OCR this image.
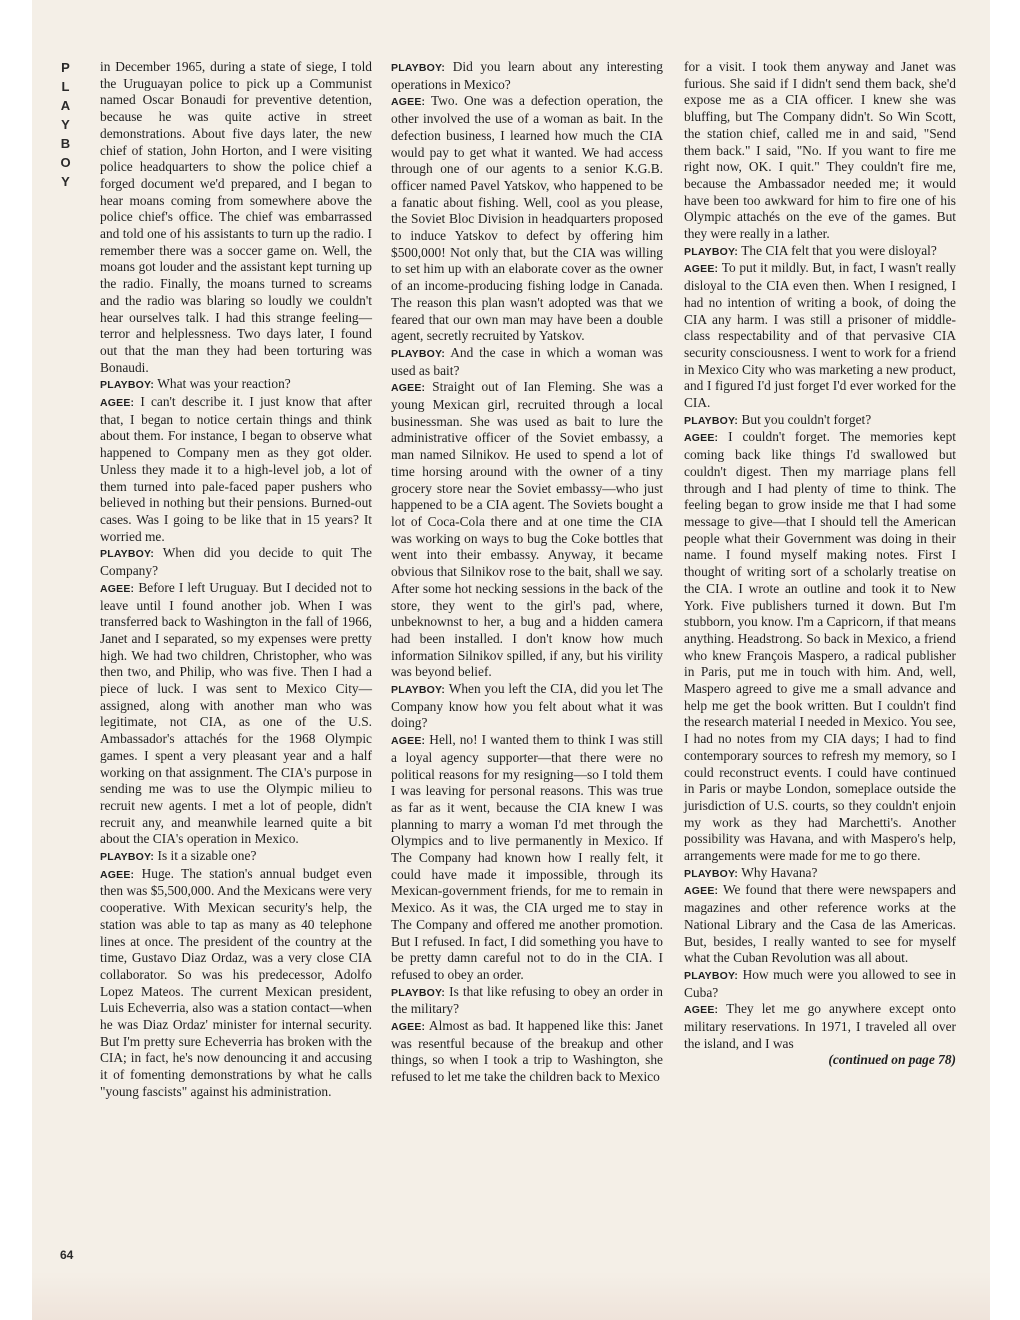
PLAYBOY in December 1965, during a state of siege, I told the Uruguayan police to pick up a Communist named Oscar Bonaudi for preventive detention, because he was quite active in street demonstrations. About five days later, the new chief of station, John Horton, and I were visiting police headquarters to show the police chief a forged document we'd prepared, and I began to hear moans coming from somewhere above the police chief's office. The chief was embarrassed and told one of his assistants to turn up the radio. I remember there was a soccer game on. Well, the moans got louder and the assistant kept turning up the radio. Finally, the moans turned to screams and the radio was blaring so loudly we couldn't hear ourselves talk. I had this strange feeling—terror and helplessness. Two days later, I found out that the man they had been torturing was Bonaudi.

PLAYBOY: What was your reaction?

AGEE: I can't describe it. I just know that after that, I began to notice certain things and think about them. For instance, I began to observe what happened to Company men as they got older. Unless they made it to a high-level job, a lot of them turned into pale-faced paper pushers who believed in nothing but their pensions. Burned-out cases. Was I going to be like that in 15 years? It worried me.

PLAYBOY: When did you decide to quit The Company?

AGEE: Before I left Uruguay. But I decided not to leave until I found another job. When I was transferred back to Washington in the fall of 1966, Janet and I separated, so my expenses were pretty high. We had two children, Christopher, who was then two, and Philip, who was five. Then I had a piece of luck. I was sent to Mexico City—assigned, along with another man who was legitimate, not CIA, as one of the U.S. Ambassador's attachés for the 1968 Olympic games. I spent a very pleasant year and a half working on that assignment. The CIA's purpose in sending me was to use the Olympic milieu to recruit new agents. I met a lot of people, didn't recruit any, and meanwhile learned quite a bit about the CIA's operation in Mexico.

PLAYBOY: Is it a sizable one?

AGEE: Huge. The station's annual budget even then was $5,500,000. And the Mexicans were very cooperative. With Mexican security's help, the station was able to tap as many as 40 telephone lines at once. The president of the country at the time, Gustavo Diaz Ordaz, was a very close CIA collaborator. So was his predecessor, Adolfo Lopez Mateos. The current Mexican president, Luis Echeverria, also was a station contact—when he was Diaz Ordaz' minister for internal security. But I'm pretty sure Echeverria has broken with the CIA; in fact, he's now denouncing it and accusing it of fomenting demonstrations by what he calls "young fascists" against his administration.

PLAYBOY: Did you learn about any interesting operations in Mexico?

AGEE: Two. One was a defection operation, the other involved the use of a woman as bait. In the defection business, I learned how much the CIA would pay to get what it wanted. We had access through one of our agents to a senior K.G.B. officer named Pavel Yatskov, who happened to be a fanatic about fishing. Well, cool as you please, the Soviet Bloc Division in headquarters proposed to induce Yatskov to defect by offering him $500,000! Not only that, but the CIA was willing to set him up with an elaborate cover as the owner of an income-producing fishing lodge in Canada. The reason this plan wasn't adopted was that we feared that our own man may have been a double agent, secretly recruited by Yatskov.

PLAYBOY: And the case in which a woman was used as bait?

AGEE: Straight out of Ian Fleming. She was a young Mexican girl, recruited through a local businessman. She was used as bait to lure the administrative officer of the Soviet embassy, a man named Silnikov. He used to spend a lot of time horsing around with the owner of a tiny grocery store near the Soviet embassy—who just happened to be a CIA agent. The Soviets bought a lot of Coca-Cola there and at one time the CIA was working on ways to bug the Coke bottles that went into their embassy. Anyway, it became obvious that Silnikov rose to the bait, shall we say. After some hot necking sessions in the back of the store, they went to the girl's pad, where, unbeknownst to her, a bug and a hidden camera had been installed. I don't know how much information Silnikov spilled, if any, but his virility was beyond belief.

PLAYBOY: When you left the CIA, did you let The Company know how you felt about what it was doing?

AGEE: Hell, no! I wanted them to think I was still a loyal agency supporter—that there were no political reasons for my resigning—so I told them I was leaving for personal reasons. This was true as far as it went, because the CIA knew I was planning to marry a woman I'd met through the Olympics and to live permanently in Mexico. If The Company had known how I really felt, it could have made it impossible, through its Mexican-government friends, for me to remain in Mexico. As it was, the CIA urged me to stay in The Company and offered me another promotion. But I refused. In fact, I did something you have to be pretty damn careful not to do in the CIA. I refused to obey an order.

PLAYBOY: Is that like refusing to obey an order in the military?

AGEE: Almost as bad. It happened like this: Janet was resentful because of the breakup and other things, so when I took a trip to Washington, she refused to let me take the children back to Mexico

for a visit. I took them anyway and Janet was furious. She said if I didn't send them back, she'd expose me as a CIA officer. I knew she was bluffing, but The Company didn't. So Win Scott, the station chief, called me in and said, "Send them back." I said, "No. If you want to fire me right now, OK. I quit." They couldn't fire me, because the Ambassador needed me; it would have been too awkward for him to fire one of his Olympic attachés on the eve of the games. But they were really in a lather.

PLAYBOY: The CIA felt that you were disloyal?

AGEE: To put it mildly. But, in fact, I wasn't really disloyal to the CIA even then. When I resigned, I had no intention of writing a book, of doing the CIA any harm. I was still a prisoner of middle-class respectability and of that pervasive CIA security consciousness. I went to work for a friend in Mexico City who was marketing a new product, and I figured I'd just forget I'd ever worked for the CIA.

PLAYBOY: But you couldn't forget?

AGEE: I couldn't forget. The memories kept coming back like things I'd swallowed but couldn't digest. Then my marriage plans fell through and I had plenty of time to think. The feeling began to grow inside me that I had some message to give—that I should tell the American people what their Government was doing in their name. I found myself making notes. First I thought of writing sort of a scholarly treatise on the CIA. I wrote an outline and took it to New York. Five publishers turned it down. But I'm stubborn, you know. I'm a Capricorn, if that means anything. Headstrong. So back in Mexico, a friend who knew François Maspero, a radical publisher in Paris, put me in touch with him. And, well, Maspero agreed to give me a small advance and help me get the book written. But I couldn't find the research material I needed in Mexico. You see, I had no notes from my CIA days; I had to find contemporary sources to refresh my memory, so I could reconstruct events. I could have continued in Paris or maybe London, someplace outside the jurisdiction of U.S. courts, so they couldn't enjoin my work as they had Marchetti's. Another possibility was Havana, and with Maspero's help, arrangements were made for me to go there.

PLAYBOY: Why Havana?

AGEE: We found that there were newspapers and magazines and other reference works at the National Library and the Casa de las Americas. But, besides, I really wanted to see for myself what the Cuban Revolution was all about.

PLAYBOY: How much were you allowed to see in Cuba?

AGEE: They let me go anywhere except onto military reservations. In 1971, I traveled all over the island, and I was

(continued on page 78)

64
